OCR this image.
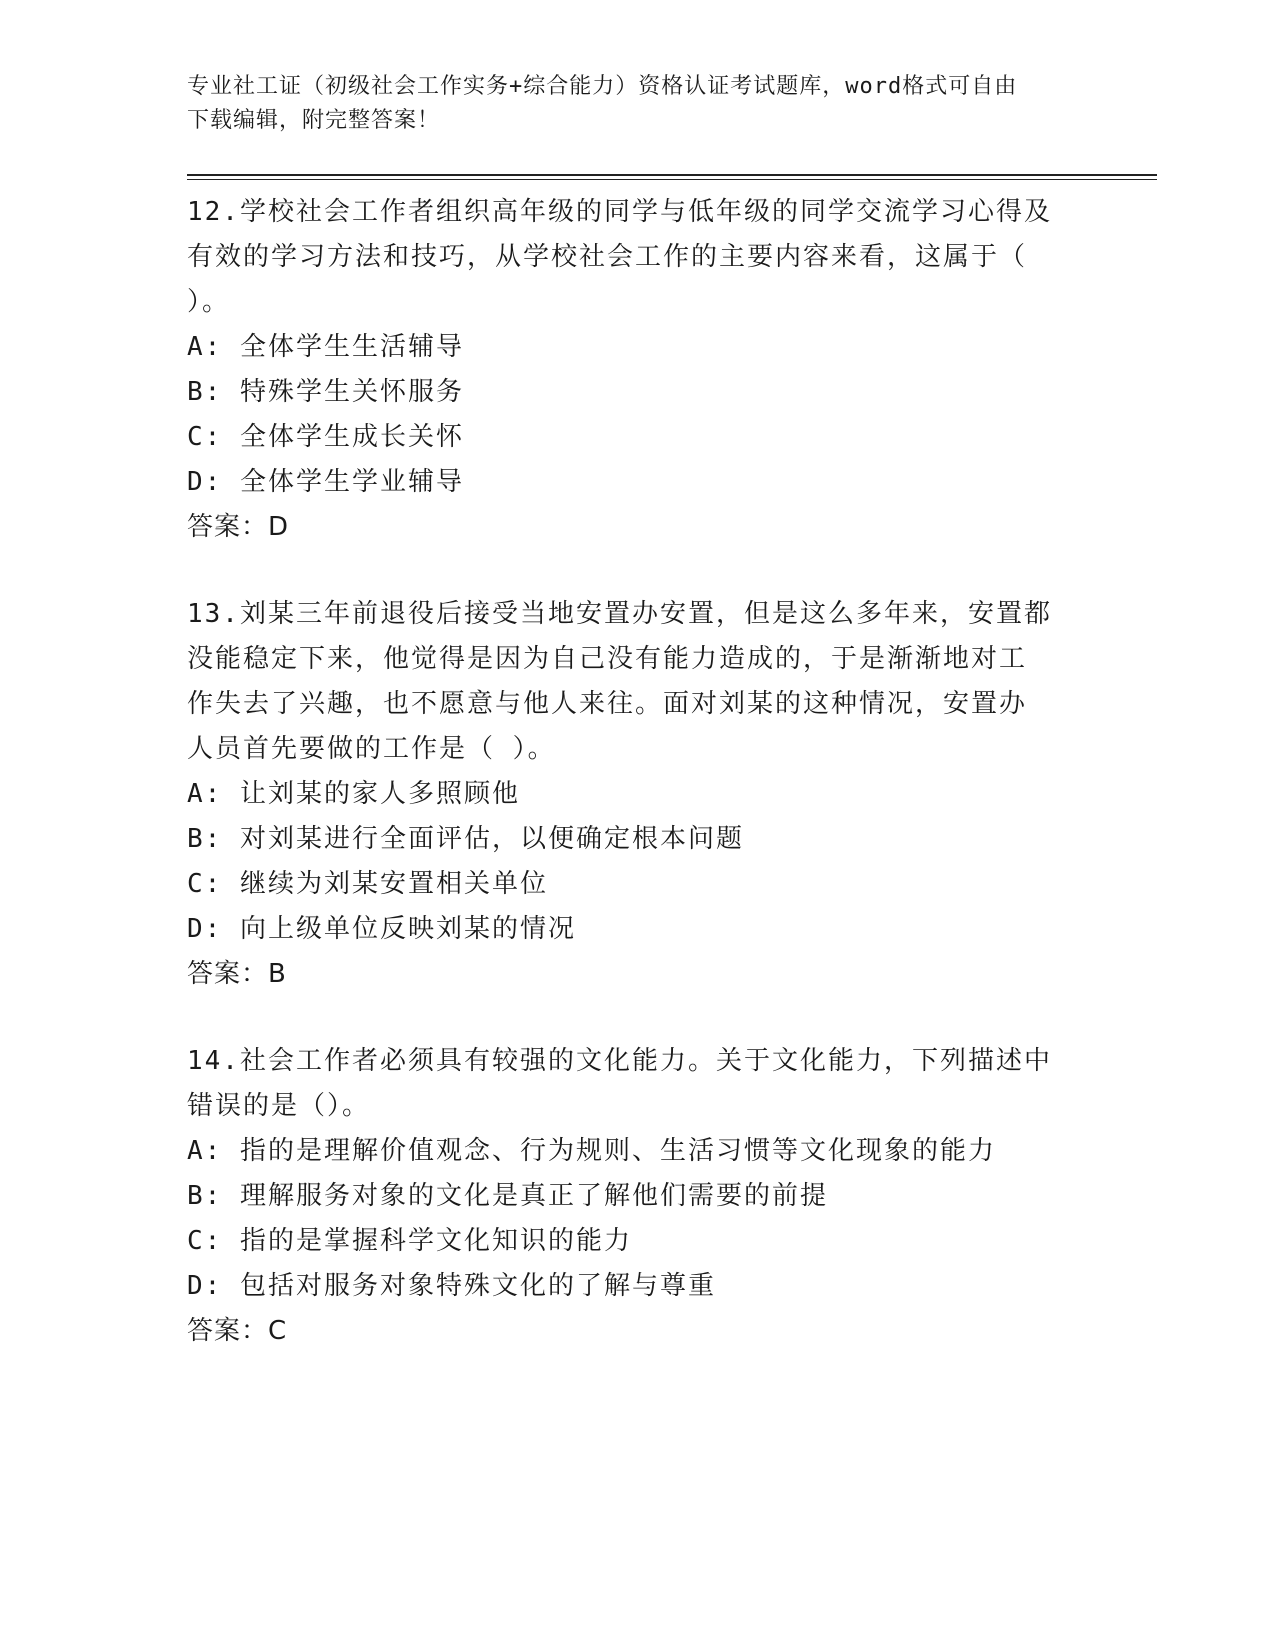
专业社工证（初级社会工作实务+综合能力）资格认证考试题库，word格式可自由
下载编辑，附完整答案！
12.学校社会工作者组织高年级的同学与低年级的同学交流学习心得及
有效的学习方法和技巧，从学校社会工作的主要内容来看，这属于（
）。
A: 全体学生生活辅导
B: 特殊学生关怀服务
C: 全体学生成长关怀
D: 全体学生学业辅导

答案：D

13.刘某三年前退役后接受当地安置办安置，但是这么多年来，安置都
没能稳定下来，他觉得是因为自己没有能力造成的，于是渐渐地对工
作失去了兴趣，也不愿意与他人来往。面对刘某的这种情况，安置办
人员首先要做的工作是（ ）。
A: 让刘某的家人多照顾他
B: 对刘某进行全面评估，以便确定根本问题
C: 继续为刘某安置相关单位
D: 向上级单位反映刘某的情况

答案：B

14.社会工作者必须具有较强的文化能力。关于文化能力，下列描述中
错误的是（）。
A: 指的是理解价值观念、行为规则、生活习惯等文化现象的能力
B: 理解服务对象的文化是真正了解他们需要的前提
C: 指的是掌握科学文化知识的能力
D: 包括对服务对象特殊文化的了解与尊重

答案：C
